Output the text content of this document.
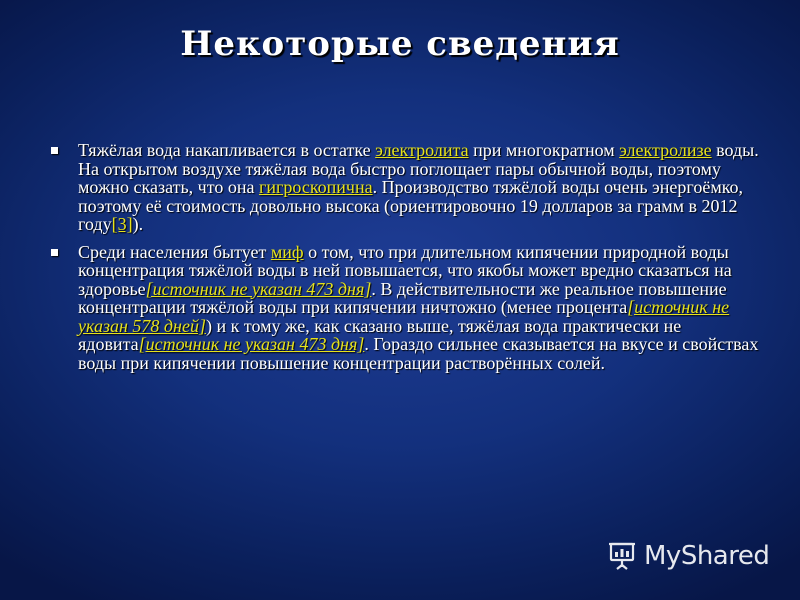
Некоторые сведения
Тяжёлая вода накапливается в остатке электролита при многократном электролизе воды. На открытом воздухе тяжёлая вода быстро поглощает пары обычной воды, поэтому можно сказать, что она гигроскопична. Производство тяжёлой воды очень энергоёмко, поэтому её стоимость довольно высока (ориентировочно 19 долларов за грамм в 2012 году[3]).
Среди населения бытует миф о том, что при длительном кипячении природной воды концентрация тяжёлой воды в ней повышается, что якобы может вредно сказаться на здоровье[источник не указан 473 дня]. В действительности же реальное повышение концентрации тяжёлой воды при кипячении ничтожно (менее процента[источник не указан 578 дней]) и к тому же, как сказано выше, тяжёлая вода практически не ядовита[источник не указан 473 дня]. Гораздо сильнее сказывается на вкусе и свойствах воды при кипячении повышение концентрации растворённых солей.
MyShared
